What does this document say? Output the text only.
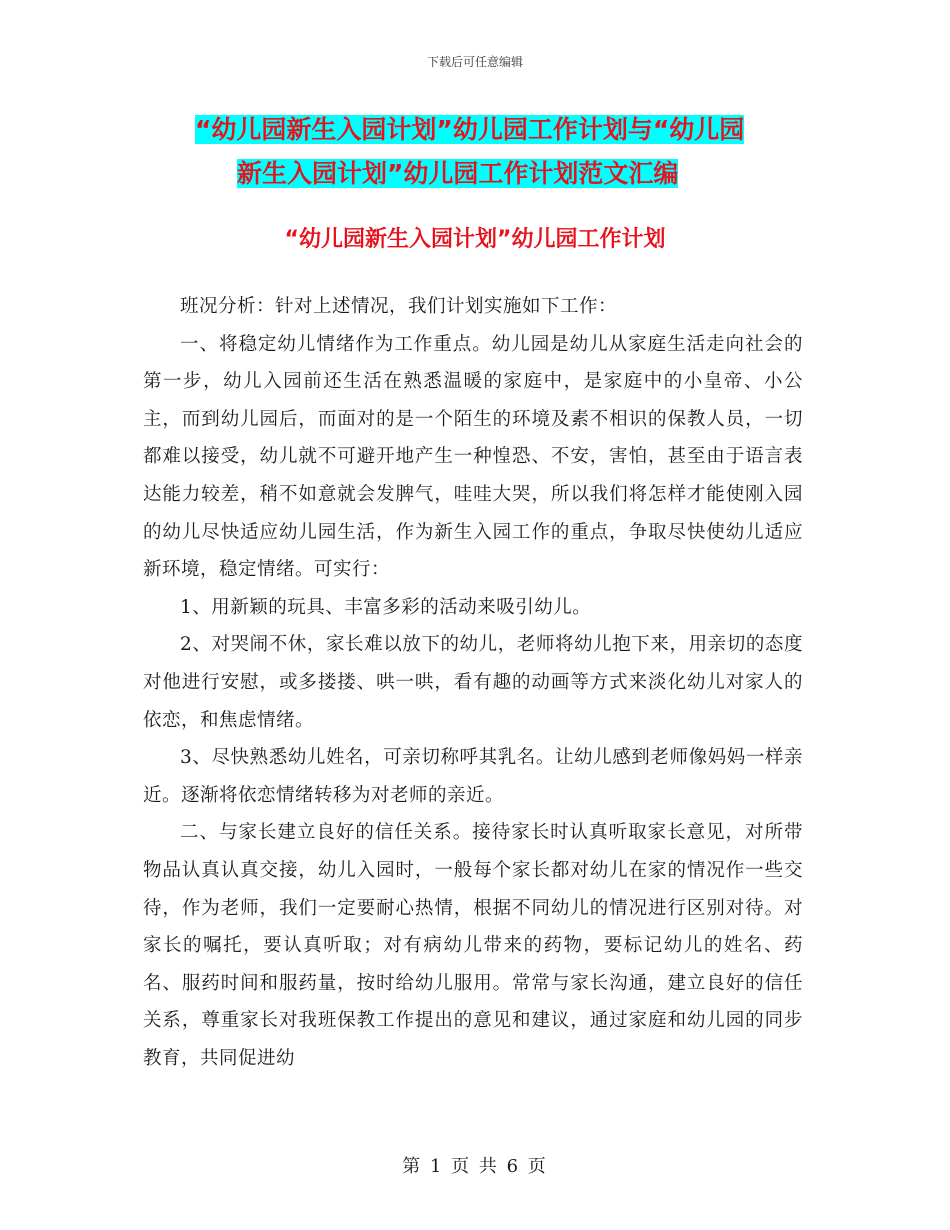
下载后可任意编辑
“幼儿园新生入园计划”幼儿园工作计划与“幼儿园
新生入园计划”幼儿园工作计划范文汇编
“幼儿园新生入园计划”幼儿园工作计划

班况分析：针对上述情况，我们计划实施如下工作：

一、将稳定幼儿情绪作为工作重点。幼儿园是幼儿从家庭生活走向社会的第一步，幼儿入园前还生活在熟悉温暖的家庭中，是家庭中的小皇帝、小公主，而到幼儿园后，而面对的是一个陌生的环境及素不相识的保教人员，一切都难以接受，幼儿就不可避开地产生一种惶恐、不安，害怕，甚至由于语言表达能力较差，稍不如意就会发脾气，哇哇大哭，所以我们将怎样才能使刚入园的幼儿尽快适应幼儿园生活，作为新生入园工作的重点，争取尽快使幼儿适应新环境，稳定情绪。可实行：

1、用新颖的玩具、丰富多彩的活动来吸引幼儿。

2、对哭闹不休，家长难以放下的幼儿，老师将幼儿抱下来，用亲切的态度对他进行安慰，或多搂搂、哄一哄，看有趣的动画等方式来淡化幼儿对家人的依恋，和焦虑情绪。

3、尽快熟悉幼儿姓名，可亲切称呼其乳名。让幼儿感到老师像妈妈一样亲近。逐渐将依恋情绪转移为对老师的亲近。

二、与家长建立良好的信任关系。接待家长时认真听取家长意见，对所带物品认真认真交接，幼儿入园时，一般每个家长都对幼儿在家的情况作一些交待，作为老师，我们一定要耐心热情，根据不同幼儿的情况进行区别对待。对家长的嘱托，要认真听取；对有病幼儿带来的药物，要标记幼儿的姓名、药名、服药时间和服药量，按时给幼儿服用。常常与家长沟通，建立良好的信任关系，尊重家长对我班保教工作提出的意见和建议，通过家庭和幼儿园的同步教育，共同促进幼

第 1 页 共 6 页
